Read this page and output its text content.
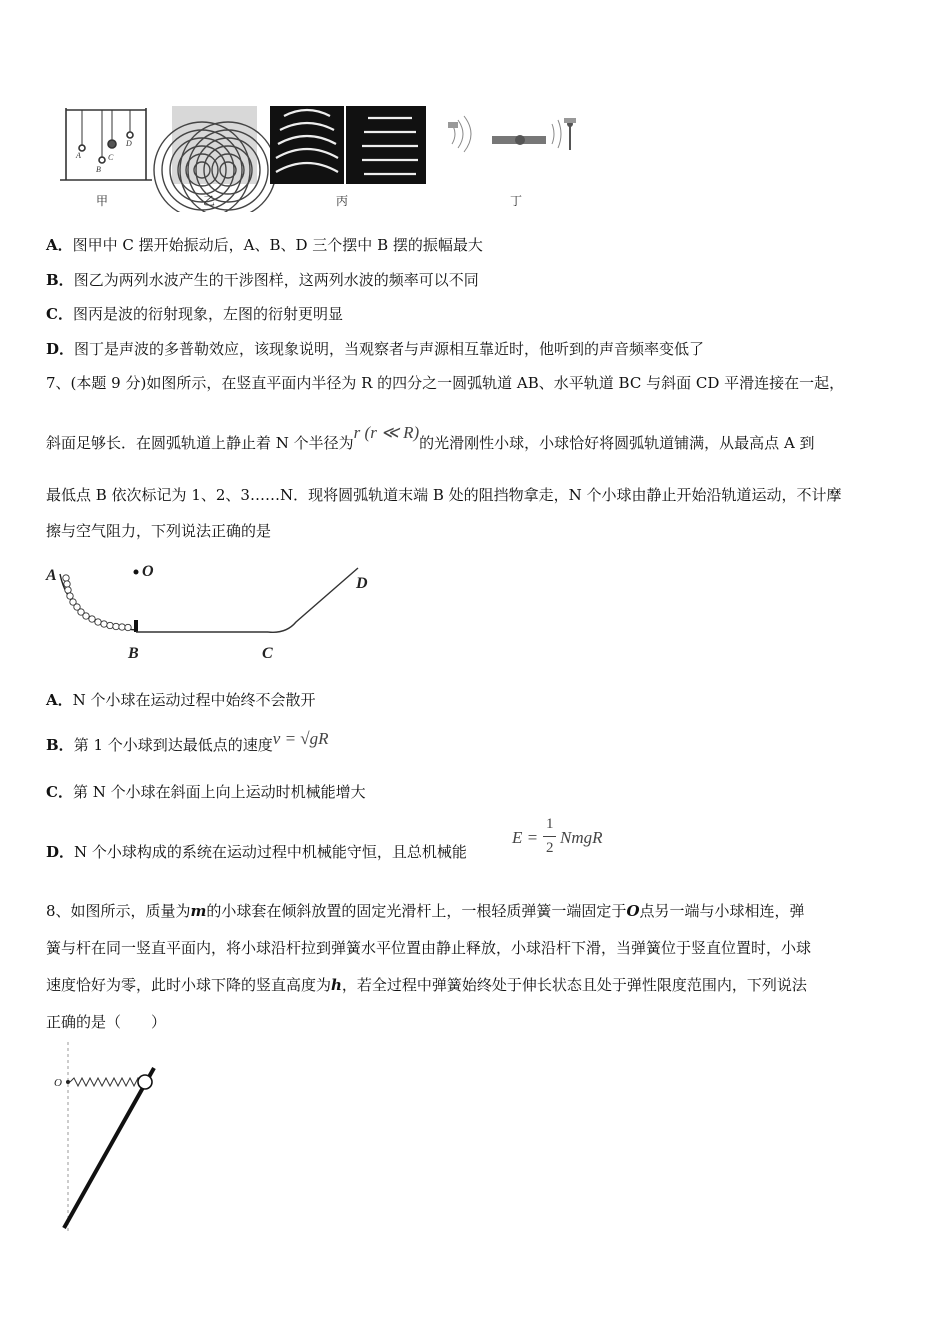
A
B
C
D
甲	乙	丙	丁
A．图甲中 C 摆开始振动后，A、B、D 三个摆中 B 摆的振幅最大
B．图乙为两列水波产生的干涉图样，这两列水波的频率可以不同
C．图丙是波的衍射现象，左图的衍射更明显
D．图丁是声波的多普勒效应，该现象说明，当观察者与声源相互靠近时，他听到的声音频率变低了
7、(本题 9 分)如图所示，在竖直平面内半径为 R 的四分之一圆弧轨道 AB、水平轨道 BC 与斜面 CD 平滑连接在一起，
斜面足够长．在圆弧轨道上静止着 N 个半径为r (r ≪ R)的光滑刚性小球，小球恰好将圆弧轨道铺满，从最高点 A 到
最低点 B 依次标记为 1、2、3……N．现将圆弧轨道末端 B 处的阻挡物拿走，N 个小球由静止开始沿轨道运动，不计摩
擦与空气阻力，下列说法正确的是
A	O
B	C
D
A．N 个小球在运动过程中始终不会散开
B．第 1 个小球到达最低点的速度v = √gR
C．第 N 个小球在斜面上向上运动时机械能增大
D．N 个小球构成的系统在运动过程中机械能守恒，且总机械能
E =
1
2
NmgR
8、如图所示，质量为m的小球套在倾斜放置的固定光滑杆上，一根轻质弹簧一端固定于O点另一端与小球相连，弹
簧与杆在同一竖直平面内，将小球沿杆拉到弹簧水平位置由静止释放，小球沿杆下滑，当弹簧位于竖直位置时，小球
速度恰好为零，此时小球下降的竖直高度为h，若全过程中弹簧始终处于伸长状态且处于弹性限度范围内，下列说法
正确的是（　　）
O
